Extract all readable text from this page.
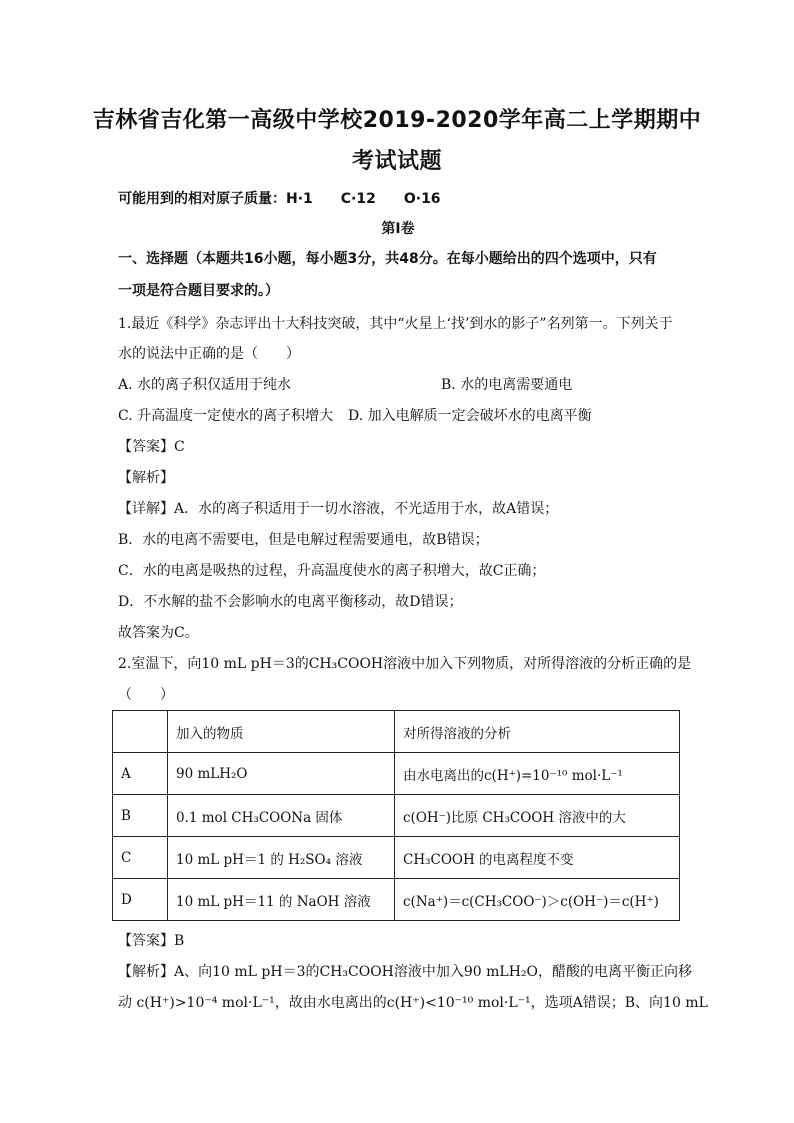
吉林省吉化第一高级中学校2019-2020学年高二上学期期中
考试试题
可能用到的相对原子质量：H·1　　C·12　　O·16
第Ⅰ卷
一、选择题（本题共16小题，每小题3分，共48分。在每小题给出的四个选项中，只有
一项是符合题目要求的。）
1.最近《科学》杂志评出十大科技突破，其中“火星上‘找’到水的影子”名列第一。下列关于
水的说法中正确的是（　　）
A. 水的离子积仅适用于纯水	B. 水的电离需要通电
C. 升高温度一定使水的离子积增大 D. 加入电解质一定会破坏水的电离平衡
【答案】C
【解析】
【详解】A．水的离子积适用于一切水溶液，不光适用于水，故A错误；
B．水的电离不需要电，但是电解过程需要通电，故B错误；
C．水的电离是吸热的过程，升高温度使水的离子积增大，故C正确；
D．不水解的盐不会影响水的电离平衡移动，故D错误；
故答案为C。
2.室温下，向10 mL pH＝3的CH₃COOH溶液中加入下列物质，对所得溶液的分析正确的是
（　　）
	加入的物质	对所得溶液的分析
A	90 mLH₂O	由水电离出的c(H⁺)=10⁻¹⁰ mol·L⁻¹
B	0.1 mol CH₃COONa 固体	c(OH⁻)比原 CH₃COOH 溶液中的大
C	10 mL pH＝1 的 H₂SO₄ 溶液	CH₃COOH 的电离程度不变
D	10 mL pH＝11 的 NaOH 溶液	c(Na⁺)＝c(CH₃COO⁻)＞c(OH⁻)＝c(H⁺)
【答案】B
【解析】A、向10 mL pH＝3的CH₃COOH溶液中加入90 mLH₂O，醋酸的电离平衡正向移
动 c(H⁺)>10⁻⁴ mol·L⁻¹，故由水电离出的c(H⁺)<10⁻¹⁰ mol·L⁻¹，选项A错误；B、向10 mL
